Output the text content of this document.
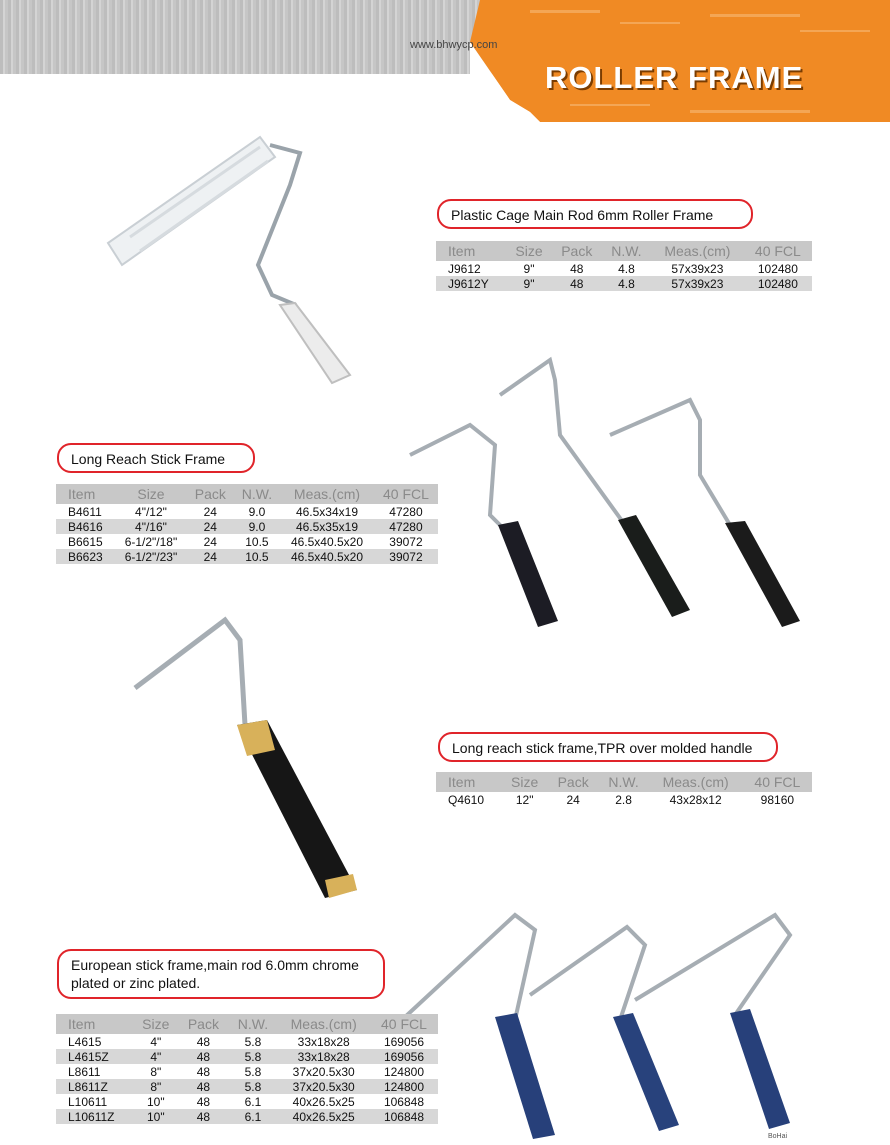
www.bhwycp.com
ROLLER FRAME
Plastic Cage Main Rod 6mm Roller Frame
Item	Size	Pack	N.W.	Meas.(cm)	40 FCL
J9612	9"	48	4.8	57x39x23	102480
J9612Y	9"	48	4.8	57x39x23	102480
Long Reach Stick Frame
Item	Size	Pack	N.W.	Meas.(cm)	40 FCL
B4611	4"/12"	24	9.0	46.5x34x19	47280
B4616	4"/16"	24	9.0	46.5x35x19	47280
B6615	6-1/2"/18"	24	10.5	46.5x40.5x20	39072
B6623	6-1/2"/23"	24	10.5	46.5x40.5x20	39072
Long reach stick frame,TPR over molded handle
Item	Size	Pack	N.W.	Meas.(cm)	40 FCL
Q4610	12"	24	2.8	43x28x12	98160
European stick frame,main rod 6.0mm chrome plated or zinc plated.
Item	Size	Pack	N.W.	Meas.(cm)	40 FCL
L4615	4"	48	5.8	33x18x28	169056
L4615Z	4"	48	5.8	33x18x28	169056
L8611	8"	48	5.8	37x20.5x30	124800
L8611Z	8"	48	5.8	37x20.5x30	124800
L10611	10"	48	6.1	40x26.5x25	106848
L10611Z	10"	48	6.1	40x26.5x25	106848
BoHai
